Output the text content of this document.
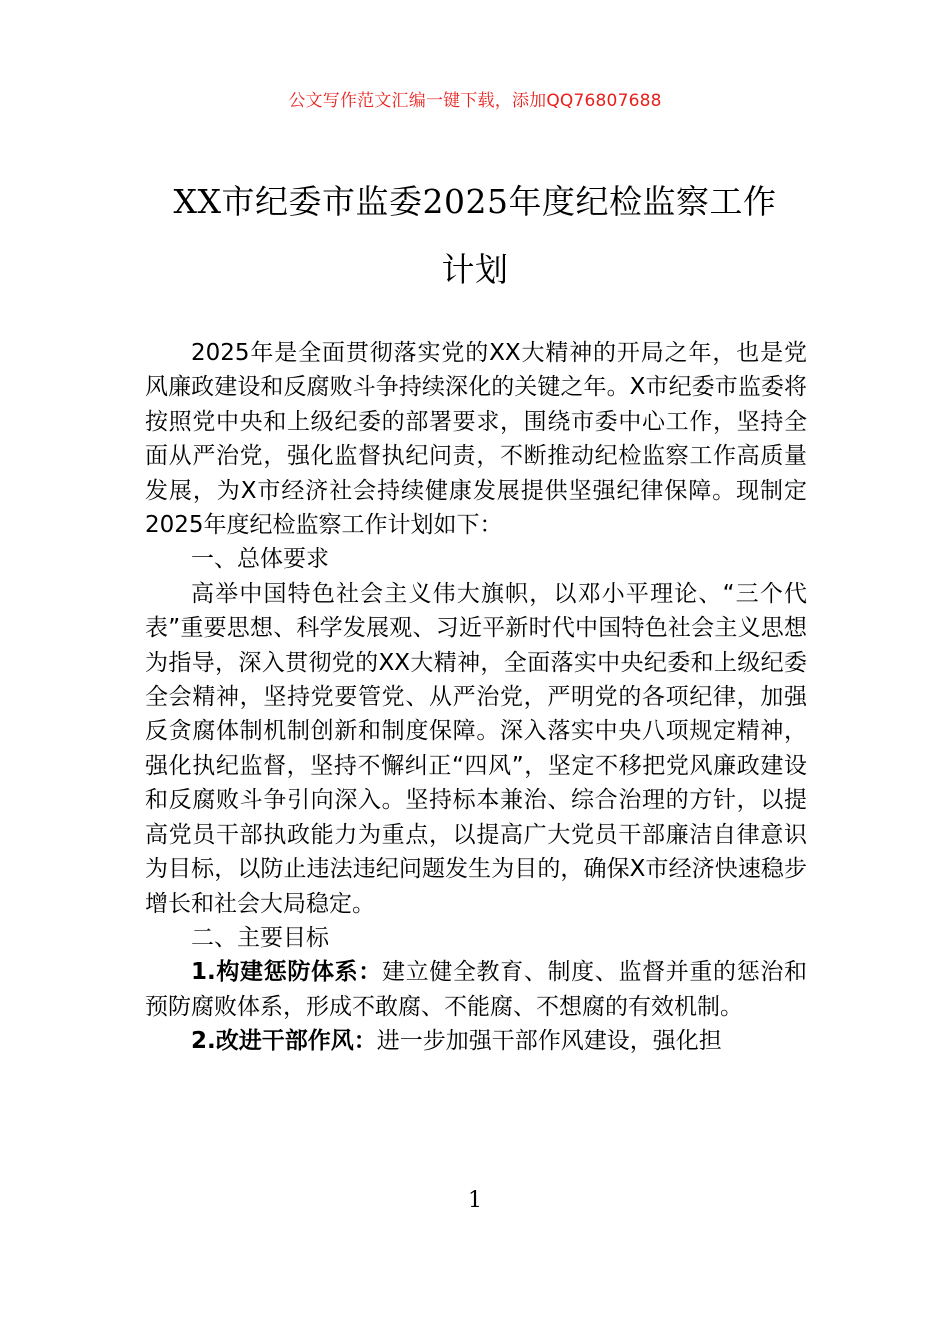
公文写作范文汇编一键下载，添加QQ76807688
XX市纪委市监委2025年度纪检监察工作
计划

2025年是全面贯彻落实党的XX大精神的开局之年，也是党风廉政建设和反腐败斗争持续深化的关键之年。X市纪委市监委将按照党中央和上级纪委的部署要求，围绕市委中心工作，坚持全面从严治党，强化监督执纪问责，不断推动纪检监察工作高质量发展，为X市经济社会持续健康发展提供坚强纪律保障。现制定2025年度纪检监察工作计划如下：

一、总体要求

高举中国特色社会主义伟大旗帜，以邓小平理论、“三个代表”重要思想、科学发展观、习近平新时代中国特色社会主义思想为指导，深入贯彻党的XX大精神，全面落实中央纪委和上级纪委全会精神，坚持党要管党、从严治党，严明党的各项纪律，加强反贪腐体制机制创新和制度保障。深入落实中央八项规定精神，强化执纪监督，坚持不懈纠正“四风”，坚定不移把党风廉政建设和反腐败斗争引向深入。坚持标本兼治、综合治理的方针，以提高党员干部执政能力为重点，以提高广大党员干部廉洁自律意识为目标，以防止违法违纪问题发生为目的，确保X市经济快速稳步增长和社会大局稳定。

二、主要目标

1.构建惩防体系：建立健全教育、制度、监督并重的惩治和预防腐败体系，形成不敢腐、不能腐、不想腐的有效机制。

2.改进干部作风：进一步加强干部作风建设，强化担

1
